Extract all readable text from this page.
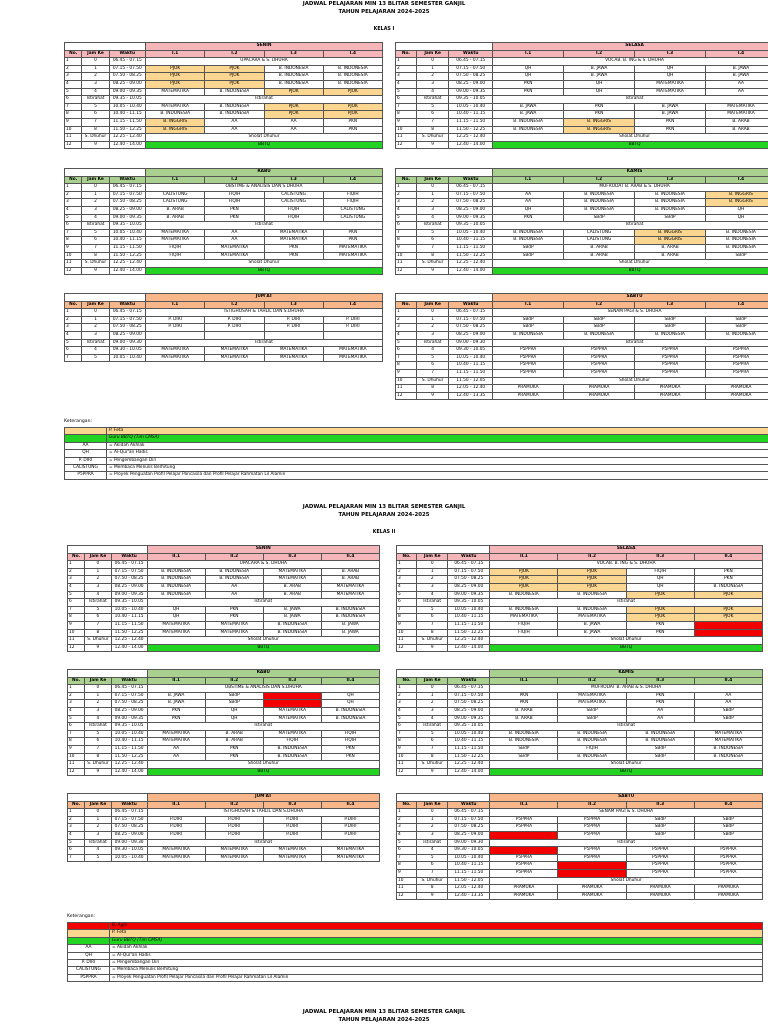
JADWAL PELAJARAN MIN 13 BLITAR SEMESTER GANJIL
TAHUN PELAJARAN 2024-2025
KELAS I
JADWAL PELAJARAN MIN 13 BLITAR SEMESTER GANJIL
TAHUN PELAJARAN 2024-2025
KELAS II
JADWAL PELAJARAN MIN 13 BLITAR SEMESTER GANJIL
TAHUN PELAJARAN 2024-2025
			SENIN			
No.	Jam Ke	Waktu	I.1	I.2	I.3	I.4
1	0	06.45 - 07.15	UPACARA & S. DHUHA			
2	1	07.15 - 07.50	PJOK	PJOK	B. INDONESIA	B. INDONESIA
3	2	07.50 - 08.25	PJOK	PJOK	B. INDONESIA	B. INDONESIA
4	3	08.25 - 09.00	PJOK	PJOK	B. INDONESIA	B. INDONESIA
5	4	09.00 - 09.35	MATEMATIKA	B. INDONESIA	PJOK	PJOK
6	Istirahat	09.35 - 10.05	Istirahat			
7	5	10.05 - 10.40	MATEMATIKA	B. INDONESIA	PJOK	PJOK
8	6	10.40 - 11.15	B. INDONESIA	B. INDONESIA	PJOK	PJOK
9	7	11.15 - 11.50	B. INGGRIS	AA	AA	PKN
10	8	11.50 - 12.25	B. INGGRIS	AA	AA	PKN
11	S. Dhuhur	12.25 - 12.40	Sholat Dhuhur			
12	9	12.40 - 14.00	BBTQ			
			SELASA			
No.	Jam Ke	Waktu	I.1	I.2	I.3	I.4
1	0	06.45 - 07.15	VOCAB. B. ING & S. DHUHA			
2	1	07.15 - 07.50	QH	B. JAWA	QH	B. JAWA
3	2	07.50 - 08.25	QH	B. JAWA	QH	B. JAWA
4	3	08.25 - 09.00	PKN	QH	MATEMATIKA	AA
5	4	09.00 - 09.35	PKN	QH	MATEMATIKA	AA
6	Istirahat	09.35 - 10.05	Istirahat			
7	5	10.05 - 10.40	B. JAWA	PKN	B. JAWA	MATEMATIKA
8	6	10.40 - 11.15	B. JAWA	PKN	B. JAWA	MATEMATIKA
9	7	11.15 - 11.50	B. INDONESIA	B. INGGRIS	PKN	B. ARAB
10	8	11.50 - 12.25	B. INDONESIA	B. INGGRIS	PKN	B. ARAB
11	S. Dhuhur	12.25 - 12.40	Sholat Dhuhur			
12	9	12.40 - 14.00	BBTQ			
			RABU			
No.	Jam Ke	Waktu	I.1	I.2	I.3	I.4
1	0	06.45 - 07.15	OBSTIME & ANALISIS DAN S.DHUHA			
2	1	07.15 - 07.50	CALISTUNG	FIQIH	CALISTUNG	FIQIH
3	2	07.50 - 08.25	CALISTUNG	FIQIH	CALISTUNG	FIQIH
4	3	08.25 - 09.00	B. ARAB	PKN	FIQIH	CALISTUNG
5	4	09.00 - 09.35	B. ARAB	PKN	FIQIH	CALISTUNG
6	Istirahat	09.35 - 10.05	Istirahat			
7	5	10.05 - 10.40	MATEMATIKA	AA	MATEMATIKA	PKN
8	6	10.40 - 11.15	MATEMATIKA	AA	MATEMATIKA	PKN
9	7	11.15 - 11.50	FIQIH	MATEMATIKA	PKN	MATEMATIKA
10	8	11.50 - 12.25	FIQIH	MATEMATIKA	PKN	MATEMATIKA
11	S. Dhuhur	12.25 - 12.40	Sholat Dhuhur			
12	9	12.40 - 14.00	BBTQ			
			KAMIS			
No.	Jam Ke	Waktu	I.1	I.2	I.3	I.4
1	0	06.45 - 07.15	MUFRODAT B. ARAB & S. DHUHA			
2	1	07.15 - 07.50	AA	B. INDONESIA	B. INDONESIA	B. INGGRIS
3	2	07.50 - 08.25	AA	B. INDONESIA	B. INDONESIA	B. INGGRIS
4	3	08.25 - 09.00	QH	B. INDONESIA	B. INDONESIA	QH
5	4	09.00 - 09.35	PKN	SBdP	SBdP	QH
6	Istirahat	09.35 - 10.05	Istirahat			
7	5	10.05 - 10.40	B. INDONESIA	CALISTUNG	B. INGGRIS	B. INDONESIA
8	6	10.40 - 11.15	B. INDONESIA	CALISTUNG	B. INGGRIS	B. INDONESIA
9	7	11.15 - 11.50	SBdP	B. ARAB	B. ARAB	B. INDONESIA
10	8	11.50 - 12.25	SBdP	B. ARAB	B. ARAB	SBdP
11	S. Dhuhur	12.25 - 12.40	Sholat Dhuhur			
12	9	12.40 - 14.00	BBTQ			
			JUM'AT			
No.	Jam Ke	Waktu	I.1	I.2	I.3	I.4
1	0	06.45 - 07.15	ISTIGHOSAH & TAHLIL DAN S.DHUHA			
2	1	07.15 - 07.50	P. DIRI	P. DIRI	P. DIRI	P. DIRI
3	2	07.50 - 08.25	P. DIRI	P. DIRI	P. DIRI	P. DIRI
4	3	08.25 - 09.00				
5	Istirahat	09.00 - 09.30	Istirahat			
6	4	09.30 - 10.05	MATEMATIKA	MATEMATIKA	MATEMATIKA	MATEMATIKA
7	5	10.05 - 10.40	MATEMATIKA	MATEMATIKA	MATEMATIKA	MATEMATIKA
			SABTU			
No.	Jam Ke	Waktu	I.1	I.2	I.3	I.4
1	0	06.45 - 07.15	SENAM PAGI & S. DHUHA			
2	1	07.15 - 07.50	SBdP	SBdP	SBdP	SBdP
3	2	07.50 - 08.25	SBdP	SBdP	SBdP	SBdP
4	3	08.25 - 09.00	B. INDONESIA	B. INDONESIA	B. INDONESIA	B. INDONESIA
5	Istirahat	09.00 - 09.30	Istirahat			
6	4	09.30 - 10.05	P5PPRA	P5PPRA	P5PPRA	P5PPRA
7	5	10.05 - 10.40	P5PPRA	P5PPRA	P5PPRA	P5PPRA
8	6	10.40 - 11.15	P5PPRA	P5PPRA	P5PPRA	P5PPRA
9	7	11.15 - 11.50	P5PPRA	P5PPRA	P5PPRA	P5PPRA
10	S. Dhuhur	11.50 - 12.05	Sholat Dhuhur			
11	8	12.05 - 12.40	PRAMUKA	PRAMUKA	PRAMUKA	PRAMUKA
12	9	12.40 - 13.35	PRAMUKA	PRAMUKA	PRAMUKA	PRAMUKA
			SENIN			
No.	Jam Ke	Waktu	II.1	II.2	II.3	II.4
1	0	06.45 - 07.15	UPACARA & S. DHUHA			
2	1	07.15 - 07.50	B. INDONESIA	B. INDONESIA	MATEMATIKA	B. ARAB
3	2	07.50 - 08.25	B. INDONESIA	B. INDONESIA	MATEMATIKA	B. ARAB
4	3	08.25 - 09.00	B. INDONESIA	AA	B. ARAB	MATEMATIKA
5	4	09.00 - 09.35	B. INDONESIA	AA	B. ARAB	MATEMATIKA
6	Istirahat	09.35 - 10.05	Istirahat			
7	5	10.05 - 10.40	QH	PKN	B. JAWA	B. INDONESIA
8	6	10.40 - 11.15	QH	PKN	B. JAWA	B. INDONESIA
9	7	11.15 - 11.50	MATEMATIKA	MATEMATIKA	B. INDONESIA	B. JAWA
10	8	11.50 - 12.25	MATEMATIKA	MATEMATIKA	B. INDONESIA	B. JAWA
11	S. Dhuhur	12.25 - 12.40	Sholat Dhuhur			
12	9	12.40 - 14.00	BBTQ			
			SELASA			
No.	Jam Ke	Waktu	II.1	II.2	II.3	II.4
1	0	06.45 - 07.15	VOCAB. B. ING & S. DHUHA			
2	1	07.15 - 07.50	PJOK	PJOK	FIQIH	PKN
3	2	07.50 - 08.25	PJOK	PJOK	QH	PKN
4	3	08.25 - 09.00	PJOK	PJOK	QH	B. INDONESIA
5	4	09.00 - 09.35	B. INDONESIA	B. INDONESIA	PJOK	PJOK
6	Istirahat	09.35 - 10.05	Istirahat			
7	5	10.05 - 10.40	B. INDONESIA	B. INDONESIA	PJOK	PJOK
8	6	10.40 - 11.15	MATEMATIKA	MATEMATIKA	PJOK	PJOK
9	7	11.15 - 11.50	FIQIH	B. JAWA	PKN	B. INGGRIS
10	8	11.50 - 12.25	FIQIH	B. JAWA	PKN	B. INGGRIS
11	S. Dhuhur	12.25 - 12.40	Sholat Dhuhur			
12	9	12.40 - 14.00	BBTQ			
			RABU			
No.	Jam Ke	Waktu	II.1	II.2	II.3	II.4
1	0	06.45 - 07.15	OBSTIME & ANALISIS DAN S.DHUHA			
2	1	07.15 - 07.50	B. JAWA	SBdP	B. INGGRIS	QH
3	2	07.50 - 08.25	B. JAWA	SBdP	B. INGGRIS	QH
4	3	08.25 - 09.00	PKN	QH	MATEMATIKA	B. INDONESIA
5	4	09.00 - 09.35	PKN	QH	MATEMATIKA	B. INDONESIA
6	Istirahat	09.35 - 10.05	Istirahat			
7	5	10.05 - 10.40	MATEMATIKA	B. ARAB	MATEMATIKA	FIQIH
8	6	10.40 - 11.15	MATEMATIKA	B. ARAB	FIQIH	FIQIH
9	7	11.15 - 11.50	AA	PKN	B. INDONESIA	PKN
10	8	11.50 - 12.25	AA	PKN	B. INDONESIA	PKN
11	S. Dhuhur	12.25 - 12.40	Sholat Dhuhur			
12	9	12.40 - 14.00	BBTQ			
			KAMIS			
No.	Jam Ke	Waktu	II.1	II.2	II.3	II.4
1	0	06.45 - 07.15	MUFRODAT B. ARAB & S. DHUHA			
2	1	07.15 - 07.50	PKN	MATEMATIKA	PKN	AA
3	2	07.50 - 08.25	PKN	MATEMATIKA	PKN	AA
4	3	08.25 - 09.00	B. ARAB	SBdP	AA	SBdP
5	4	09.00 - 09.35	B. ARAB	SBdP	AA	SBdP
6	Istirahat	09.35 - 10.05	Istirahat			
7	5	10.05 - 10.40	B. INDONESIA	B. INDONESIA	B. INDONESIA	MATEMATIKA
8	6	10.40 - 11.15	B. INDONESIA	B. INDONESIA	B. INDONESIA	MATEMATIKA
9	7	11.15 - 11.50	SBdP	FIQIH	SBdP	B. INDONESIA
10	8	11.50 - 12.25	SBdP	B. INDONESIA	SBdP	B. INDONESIA
11	S. Dhuhur	12.25 - 12.40	Sholat Dhuhur			
12	9	12.40 - 14.00	BBTQ			
			JUM'AT			
No.	Jam Ke	Waktu	II.1	II.2	II.3	II.4
1	0	06.45 - 07.15	ISTIGHOSAH & TAHLIL DAN S.DHUHA			
2	1	07.15 - 07.50	P.DIRI	P.DIRI	P.DIRI	P.DIRI
3	2	07.50 - 08.25	P.DIRI	P.DIRI	P.DIRI	P.DIRI
4	3	08.25 - 09.00	P.DIRI	P.DIRI	P.DIRI	P.DIRI
5	Istirahat	09.00 - 09.30	Istirahat			
6	4	09.30 - 10.05	MATEMATIKA	MATEMATIKA	MATEMATIKA	MATEMATIKA
7	5	10.05 - 10.40	MATEMATIKA	MATEMATIKA	MATEMATIKA	MATEMATIKA
			SABTU			
No.	Jam Ke	Waktu	II.1	II.2	II.3	II.4
1	0	06.45 - 07.15	SENAM PAGI & S. DHUHA			
2	1	07.15 - 07.50	P5PPRA	P5PPRA	SBdP	SBdP
3	2	07.50 - 08.25	P5PPRA	P5PPRA	SBdP	SBdP
4	3	08.25 - 09.00	B. INGGRIS	P5PPRA	SBdP	SBdP
5	Istirahat	09.00 - 09.30	Istirahat			
6	4	09.30 - 10.05	B. INGGRIS	P5PPRA	P5PPRA	P5PPRA
7	5	10.05 - 10.40	P5PPRA	P5PPRA	P5PPRA	P5PPRA
8	6	10.40 - 11.15	P5PPRA	B. INGGRIS	P5PPRA	P5PPRA
9	7	11.15 - 11.50	P5PPRA	B. INGGRIS	P5PPRA	P5PPRA
10	S. Dhuhur	11.50 - 12.05	Sholat Dhuhur			
11	8	12.05 - 12.40	PRAMUKA	PRAMUKA	PRAMUKA	PRAMUKA
12	9	12.40 - 13.35	PRAMUKA	PRAMUKA	PRAMUKA	PRAMUKA
Keterangan:
	P. Feta
	Guru BBTQ (Tim CMSA)
AA	= Akidah Akhlak
QH	= Al-Qur'an Hadis
P. DIRI	= Pengembangan Diri
CALISTUNG	= Membaca Menulis Berhitung
P5PPRA	= Proyek Penguatan Profil Pelajar Pancasila dan Profil Pelajar Rahmatan Lil Alamin
Keterangan:
	B. Agin
	P. Feta
	Guru BBTQ (Tim CMSA)
AA	= Akidah Akhlak
QH	= Al-Qur'an Hadis
P. DIRI	= Pengembangan Diri
CALISTUNG	= Membaca Menulis Berhitung
P5PPRA	= Proyek Penguatan Profil Pelajar Pancasila dan Profil Pelajar Rahmatan Lil Alamin
